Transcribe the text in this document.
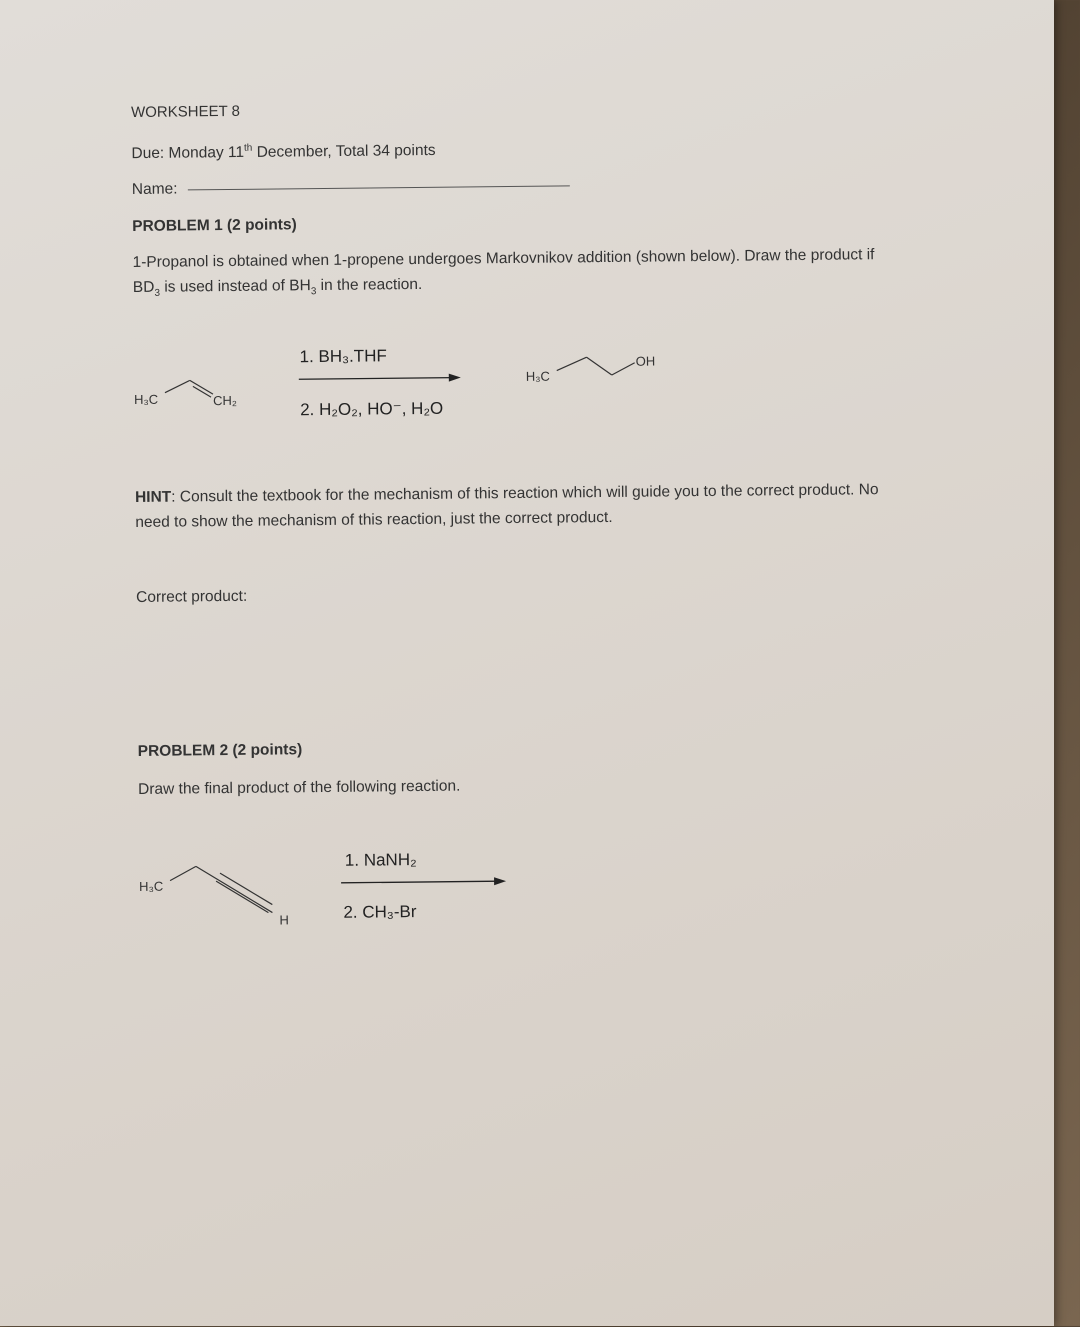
WORKSHEET 8
Due: Monday 11th December, Total 34 points
Name:
PROBLEM 1 (2 points)
1-Propanol is obtained when 1-propene undergoes Markovnikov addition (shown below). Draw the product if $BD_3$ is used instead of $BH_3$ in the reaction.
H₃C	CH₂
1. BH₃.THF
2. H₂O₂, HO⁻, H₂O
H₃C
OH
H₃C
H
1. NaNH₂
2. CH₃-Br
HINT: Consult the textbook for the mechanism of this reaction which will guide you to the correct product. No need to show the mechanism of this reaction, just the correct product.
Correct product:
PROBLEM 2 (2 points)
Draw the final product of the following reaction.
